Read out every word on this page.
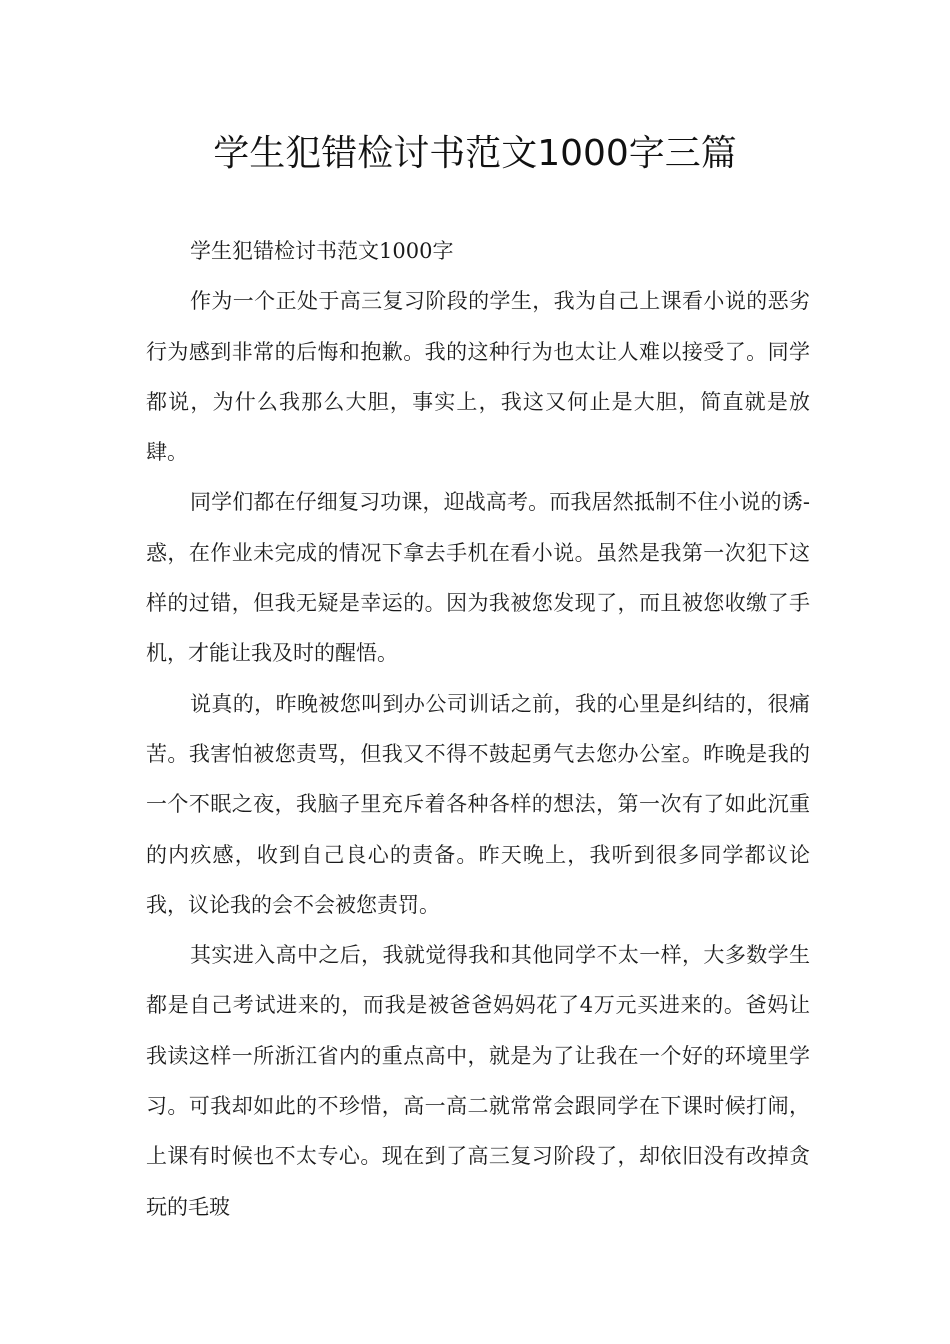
学生犯错检讨书范文1000字三篇

学生犯错检讨书范文1000字

作为一个正处于高三复习阶段的学生，我为自己上课看小说的恶劣行为感到非常的后悔和抱歉。我的这种行为也太让人难以接受了。同学都说，为什么我那么大胆，事实上，我这又何止是大胆，简直就是放肆。

同学们都在仔细复习功课，迎战高考。而我居然抵制不住小说的诱-惑，在作业未完成的情况下拿去手机在看小说。虽然是我第一次犯下这样的过错，但我无疑是幸运的。因为我被您发现了，而且被您收缴了手机，才能让我及时的醒悟。

说真的，昨晚被您叫到办公司训话之前，我的心里是纠结的，很痛苦。我害怕被您责骂，但我又不得不鼓起勇气去您办公室。昨晚是我的一个不眠之夜，我脑子里充斥着各种各样的想法，第一次有了如此沉重的内疚感，收到自己良心的责备。昨天晚上，我听到很多同学都议论我，议论我的会不会被您责罚。

其实进入高中之后，我就觉得我和其他同学不太一样，大多数学生都是自己考试进来的，而我是被爸爸妈妈花了4万元买进来的。爸妈让我读这样一所浙江省内的重点高中，就是为了让我在一个好的环境里学习。可我却如此的不珍惜，高一高二就常常会跟同学在下课时候打闹，上课有时候也不太专心。现在到了高三复习阶段了，却依旧没有改掉贪玩的毛玻
